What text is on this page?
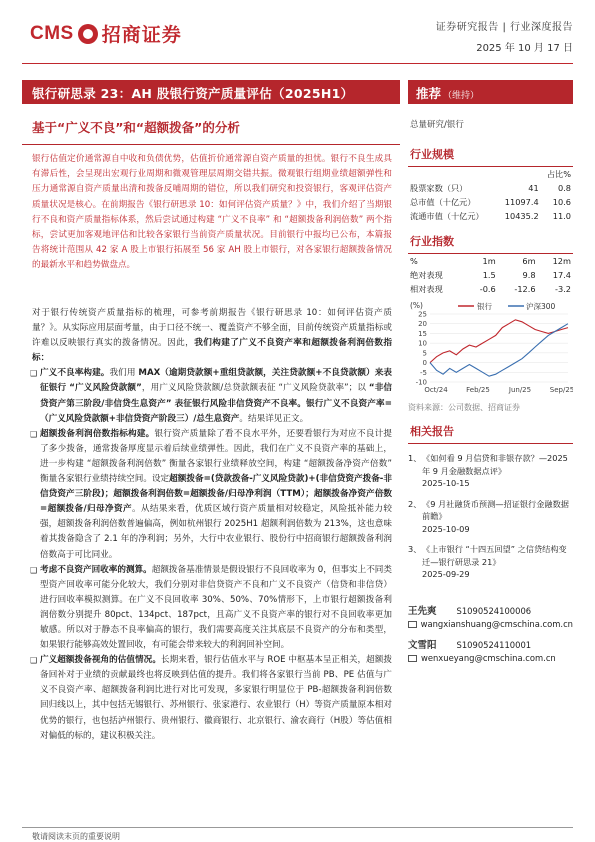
CMS 招商证券	证券研究报告 | 行业深度报告
2025 年 10 月 17 日
银行研思录 23：AH 股银行资产质量评估（2025H1）	推荐 （维持）
基于“广义不良”和“超额拨备”的分析
银行估值定价通常源自中收和负债优势，估值折价通常源自资产质量的担忧。银行不良生成具有滞后性，会呈现出宏观行业周期和微观管理层周期交错共振。微观银行组期业绩超额弹性和压力通常源自资产质量出清和拨备反哺周期的错位，所以我们研究和投资银行，客观评估资产质量状况是核心。在前期报告《银行研思录 10：如何评估资产质量？》中，我们介绍了当期银行不良和资产质量指标体系，然后尝试通过构建 “广义不良率” 和 “超额拨备利润倍数” 两个指标，尝试更加客观地评估和比较各家银行当前资产质量状况。目前银行中报均已公布，本篇报告将统计范围从 42 家 A 股上市银行拓展至 56 家 AH 股上市银行，对各家银行超额拨备情况的最新水平和趋势做盘点。

对于银行传统资产质量指标的梳理，可参考前期报告《银行研思录 10：如何评估资产质量？》。从实际应用层面考量，由于口径不统一、覆盖资产不够全面，目前传统资产质量指标或许难以反映银行真实的拨备情况。因此，我们构建了广义不良资产率和超额拨备利润倍数指标：

❑ 广义不良率构建。我们用 MAX（逾期贷款额+重组贷款额，关注贷款额+不良贷款额）来表征银行 “广义风险贷款额”，用广义风险贷款额/总贷款额表征 “广义风险贷款率”；以 “非信贷资产第三阶段/非信贷生息资产” 表征银行风险非信贷资产不良率。银行广义不良资产率=（广义风险贷款额+非信贷资产阶段三）/总生息资产。结果详见正文。

❑ 超额拨备利润倍数指标构建。银行资产质量除了看不良水平外，还要看银行为对应不良计提了多少拨备，通常拨备厚度显示着后续业绩弹性。因此，我们在广义不良资产率的基础上，进一步构建 “超额拨备利润倍数” 衡量各家银行业绩释放空间，构建 “超额拨备净资产倍数” 衡量各家银行业绩持续空间。设定超额拨备=(贷款拨备-广义风险贷款)+(非信贷资产拨备-非信贷资产三阶段)；超额拨备利润倍数=超额拨备/归母净利润（TTM）；超额拨备净资产倍数=超额拨备/归母净资产。从结果来看，优质区域行资产质量相对较稳定，风险抵补能力较强，超额拨备利润倍数普遍偏高，例如杭州银行 2025H1 超额利润倍数为 213%，这也意味着其拨备隐含了 2.1 年的净利润；另外，大行中农业银行、股份行中招商银行超额拨备利润倍数高于可比同业。

❑ 考虑不良资产回收率的测算。超额拨备基准情景是假设银行不良回收率为 0，但事实上不同类型资产回收率可能分化较大，我们分别对非信贷资产不良和广义不良资产（信贷和非信贷）进行回收率模拟测算。在广义不良回收率 30%、50%、70%情形下，上市银行超额拨备利润倍数分别提升 80pct、134pct、187pct，且高广义不良资产率的银行对不良回收率更加敏感。所以对于静态不良率偏高的银行，我们需要高度关注其底层不良资产的分布和类型，如果银行能够高效处置回收，有可能会带来较大的利润回补空间。

❑ 广义超额拨备视角的估值情况。长期来看，银行估值水平与 ROE 中枢基本呈正相关，超额拨备回补对于业绩的贡献最终也将反映到估值的提升。我们将各家银行当前 PB、PE 估值与广义不良资产率、超额拨备利润比进行对比可发现，多家银行明显位于 PB-超额拨备利润倍数回归线以上，其中包括无锡银行、苏州银行、张家港行、农业银行（H）等资产质量原本相对优势的银行，也包括泸州银行、贵州银行、徽商银行、北京银行、渝农商行（H股）等估值相对偏低的标的，建议积极关注。

总量研究/银行
行业规模
		占比%
股票家数（只）	41	0.8
总市值（十亿元）	11097.4	10.6
流通市值（十亿元）	10435.2	11.0
行业指数
%	1m	6m	12m
绝对表现	1.5	9.8	17.4
相对表现	-0.6	-12.6	-3.2
(%)	银行	沪深300
-10
-5
0
5
10
15
20
25
Oct/24	Feb/25	Jun/25	Sep/25
资料来源：公司数据、招商证券
相关报告
1、 《如何看 9 月信贷和非银存款？—2025 年 9 月金融数据点评》
2025-10-15
2、 《9 月社融货币预测—招证银行金融数据前瞻》
2025-10-09
3、 《上市银行 “十四五回望” 之信贷结构变迁—银行研思录 21》
2025-09-29
王先爽 S1090524100006
wangxianshuang@cmschina.com.cn
文雪阳 S1090524110001
wenxueyang@cmschina.com.cn
敬请阅读末页的重要说明
